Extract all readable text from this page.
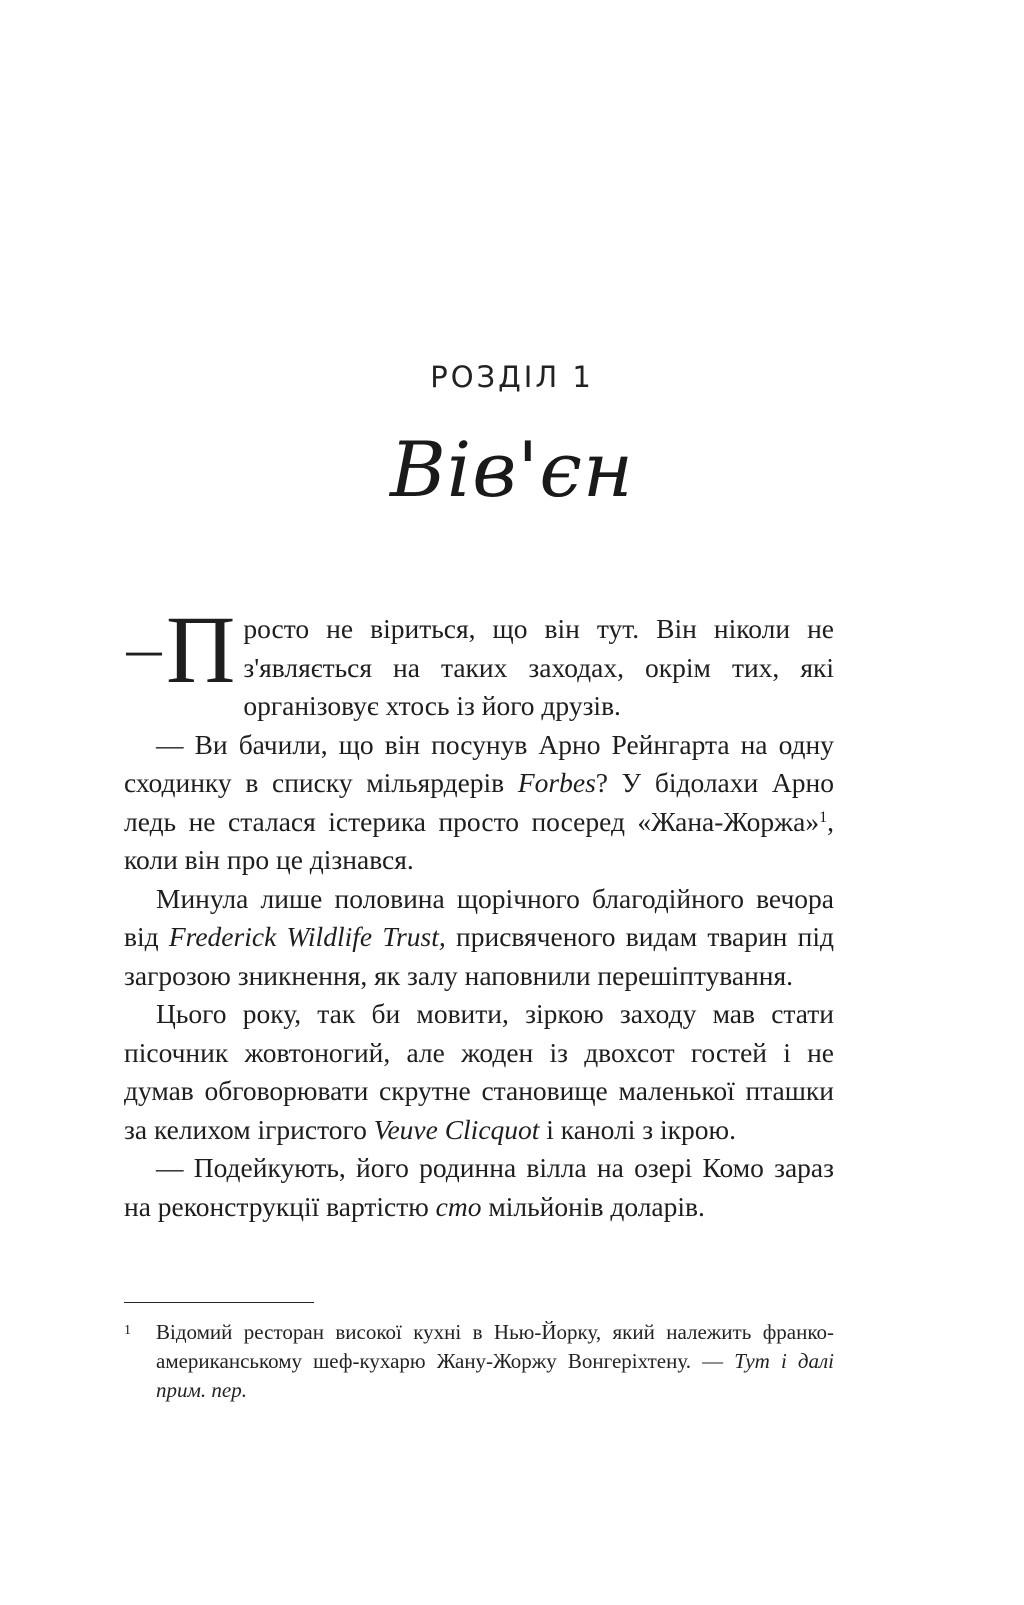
РОЗДІЛ 1
Вів'єн

— П росто не віриться, що він тут. Він ніколи не з'являється на таких заходах, окрім тих, які організовує хтось із його друзів.

— Ви бачили, що він посунув Арно Рейнгарта на одну сходинку в списку мільярдерів Forbes? У бідолахи Арно ледь не сталася істерика просто посеред «Жана-Жоржа»$^1$, коли він про це дізнався.

Минула лише половина щорічного благодійного вечора від Frederick Wildlife Trust, присвяченого видам тварин під загрозою зникнення, як залу наповнили перешіптування.

Цього року, так би мовити, зіркою заходу мав стати пісочник жовтоногий, але жоден із двохсот гостей і не думав обговорювати скрутне становище маленької пташки за келихом ігристого Veuve Clicquot і канолі з ікрою.

— Подейкують, його родинна вілла на озері Комо зараз на реконструкції вартістю сто мільйонів доларів.

1 Відомий ресторан високої кухні в Нью-Йорку, який належить франко-американському шеф-кухарю Жану-Жоржу Вонгеріхтену. — Тут і далі прим. пер.
